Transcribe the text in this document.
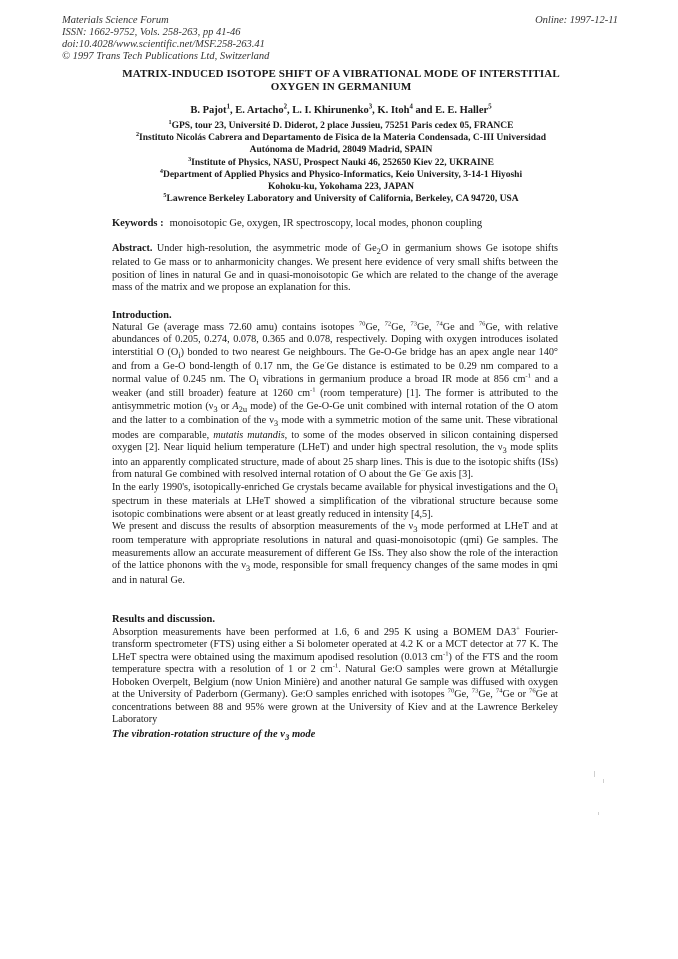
Materials Science Forum
ISSN: 1662-9752, Vols. 258-263, pp 41-46
doi:10.4028/www.scientific.net/MSF.258-263.41
© 1997 Trans Tech Publications Ltd, Switzerland
Online: 1997-12-11
MATRIX-INDUCED ISOTOPE SHIFT OF A VIBRATIONAL MODE OF INTERSTITIAL
OXYGEN IN GERMANIUM
B. Pajot$^1$, E. Artacho$^2$, L. I. Khirunenko$^3$, K. Itoh$^4$ and E. E. Haller$^5$
$^1$GPS, tour 23, Université D. Diderot, 2 place Jussieu, 75251 Paris cedex 05, FRANCE
$^2$Instituto Nicolás Cabrera and Departamento de Fisica de la Materia Condensada, C-III Universidad
Autónoma de Madrid, 28049 Madrid, SPAIN
$^3$Institute of Physics, NASU, Prospect Nauki 46, 252650 Kiev 22, UKRAINE
$^4$Department of Applied Physics and Physico-Informatics, Keio University, 3-14-1 Hiyoshi
Kohoku-ku, Yokohama 223, JAPAN
$^5$Lawrence Berkeley Laboratory and University of California, Berkeley, CA 94720, USA
Keywords : monoisotopic Ge, oxygen, IR spectroscopy, local modes, phonon coupling

Abstract. Under high-resolution, the asymmetric mode of $Ge_2O$ in germanium shows Ge isotope shifts related to Ge mass or to anharmonicity changes. We present here evidence of very small shifts between the position of lines in natural Ge and in quasi-monoisotopic Ge which are related to the change of the average mass of the matrix and we propose an explanation for this.

Introduction.

Natural Ge (average mass 72.60 amu) contains isotopes $^{70}$Ge, $^{72}$Ge, $^{73}$Ge, $^{74}$Ge and $^{76}$Ge, with relative abundances of 0.205, 0.274, 0.078, 0.365 and 0.078, respectively. Doping with oxygen introduces isolated interstitial O $(O_i)$ bonded to two nearest Ge neighbours. The Ge-O-Ge bridge has an apex angle near 140° and from a Ge-O bond-length of 0.17 nm, the Ge·Ge distance is estimated to be 0.29 nm compared to a normal value of 0.245 nm. The $O_i$ vibrations in germanium produce a broad IR mode at 856 $cm^{-1}$ and a weaker (and still broader) feature at 1260 $cm^{-1}$ (room temperature) [1]. The former is attributed to the antisymmetric motion ($\nu_3$ or $A_{2u}$ mode) of the Ge-O-Ge unit combined with internal rotation of the O atom and the latter to a combination of the $\nu_3$ mode with a symmetric motion of the same unit. These vibrational modes are comparable, mutatis mutandis, to some of the modes observed in silicon containing dispersed oxygen [2]. Near liquid helium temperature (LHeT) and under high spectral resolution, the $\nu_3$ mode splits into an apparently complicated structure, made of about 25 sharp lines. This is due to the isotopic shifts (ISs) from natural Ge combined with resolved internal rotation of O about the Ge··Ge axis [3].

In the early 1990's, isotopically-enriched Ge crystals became available for physical investigations and the $O_i$ spectrum in these materials at LHeT showed a simplification of the vibrational structure because some isotopic combinations were absent or at least greatly reduced in intensity [4,5].

We present and discuss the results of absorption measurements of the $\nu_3$ mode performed at LHeT and at room temperature with appropriate resolutions in natural and quasi-monoisotopic (qmi) Ge samples. The measurements allow an accurate measurement of different Ge ISs. They also show the role of the interaction of the lattice phonons with the $\nu_3$ mode, responsible for small frequency changes of the same modes in qmi and in natural Ge.

Results and discussion.

Absorption measurements have been performed at 1.6, 6 and 295 K using a BOMEM DA3+ Fourier-transform spectrometer (FTS) using either a Si bolometer operated at 4.2 K or a MCT detector at 77 K. The LHeT spectra were obtained using the maximum apodised resolution (0.013 $cm^{-1}$) of the FTS and the room temperature spectra with a resolution of 1 or 2 $cm^{-1}$. Natural Ge:O samples were grown at Métallurgie Hoboken Overpelt, Belgium (now Union Minière) and another natural Ge sample was diffused with oxygen at the University of Paderborn (Germany). Ge:O samples enriched with isotopes $^{70}$Ge, $^{73}$Ge, $^{74}$Ge or $^{76}$Ge at concentrations between 88 and 95% were grown at the University of Kiev and at the Lawrence Berkeley Laboratory

The vibration-rotation structure of the $\nu_3$ mode
